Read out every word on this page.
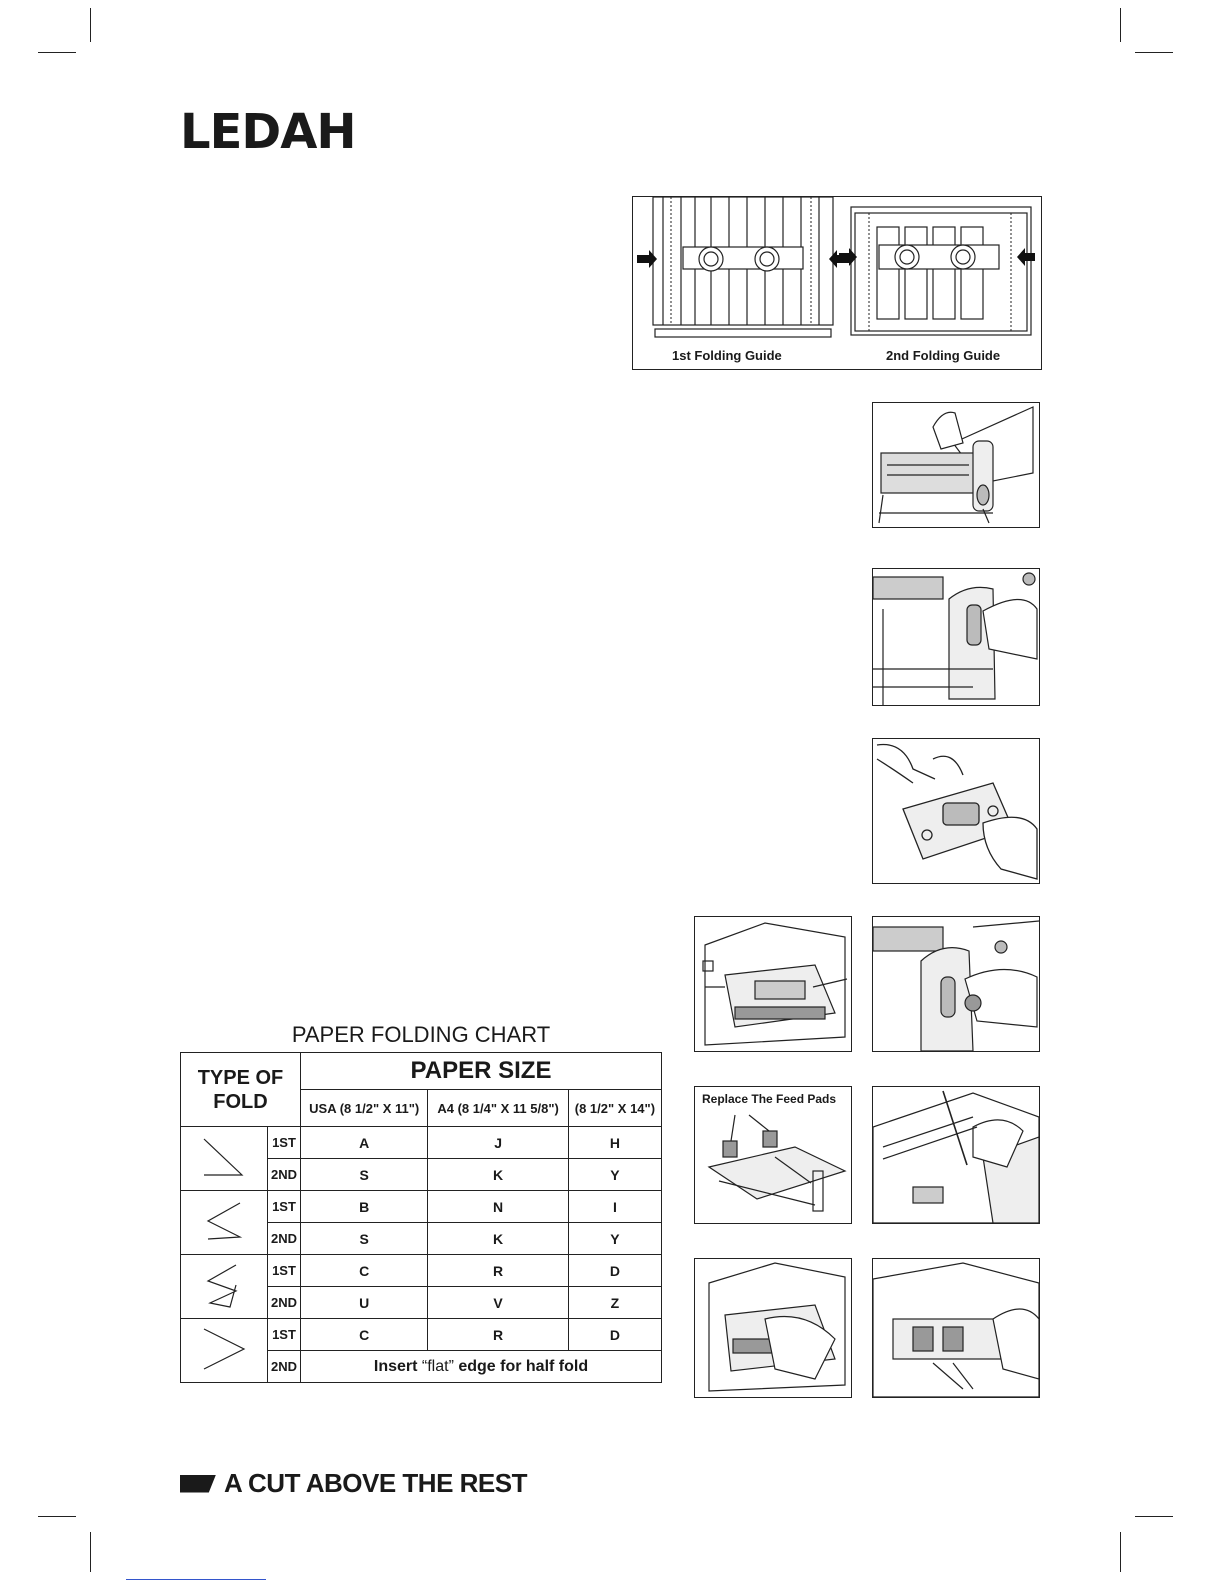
LEDAH
1st Folding Guide	2nd Folding Guide
Replace The Feed Pads
PAPER FOLDING CHART
TYPE OF FOLD		PAPER SIZE		
		USA (8 1/2" X 11")	A4 (8 1/4" X 11 5/8")	(8 1/2" X 14")
	1ST	A	J	H
	2ND	S	K	Y
	1ST	B	N	I
	2ND	S	K	Y
	1ST	C	R	D
	2ND	U	V	Z
	1ST	C	R	D
	2ND	Insert “flat” edge for half fold		
A CUT ABOVE THE REST
